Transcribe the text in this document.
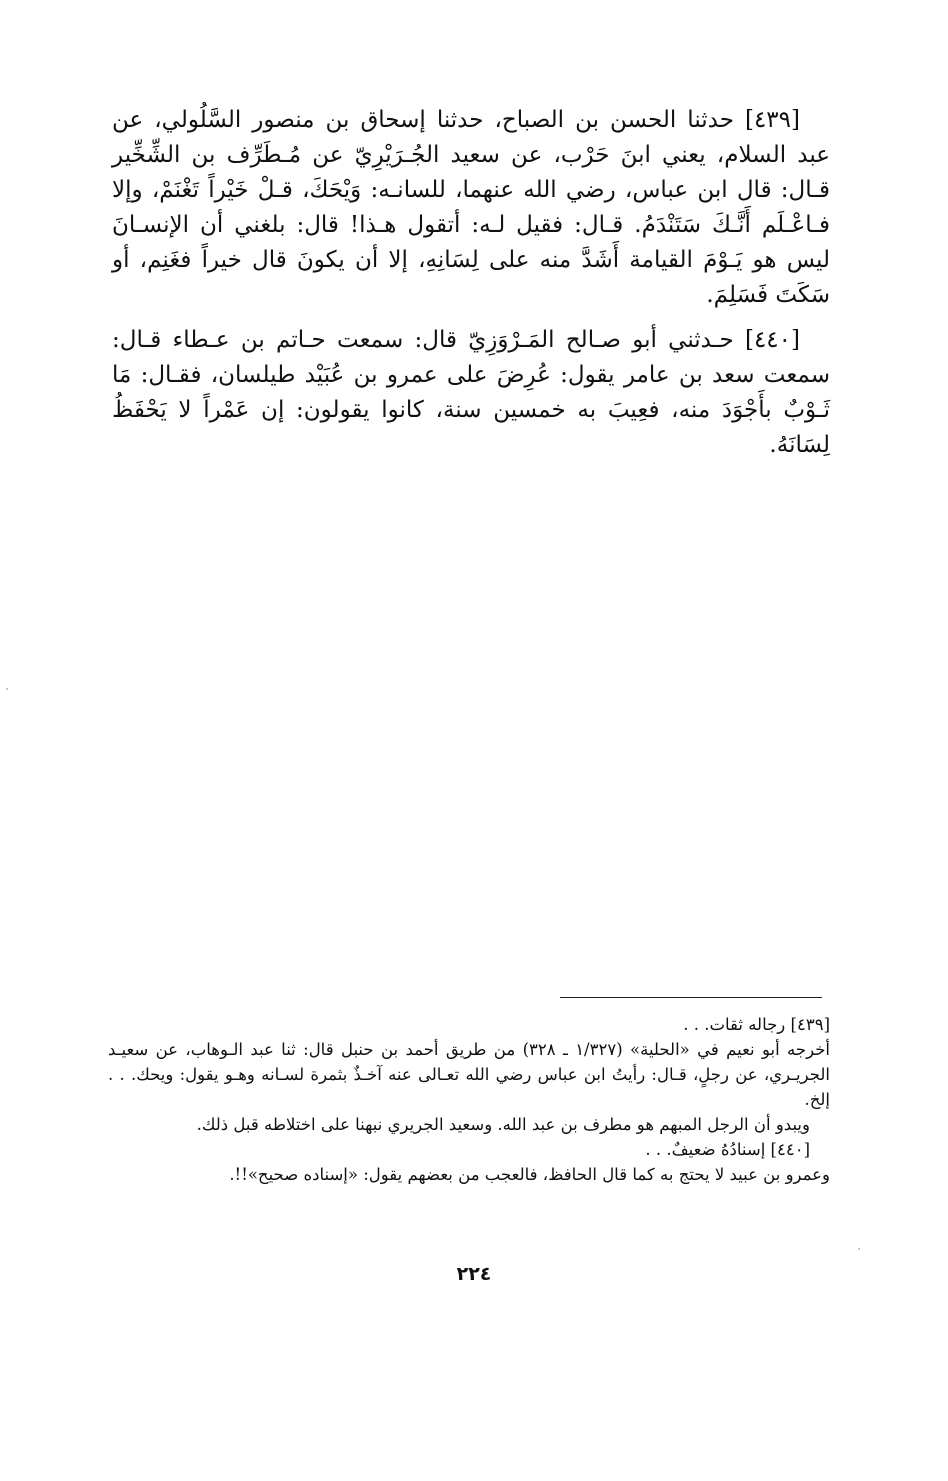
[٤٣٩] حدثنا الحسن بن الصباح، حدثنا إسحاق بن منصور السَّلُولي، عن عبد السلام، يعني ابنَ حَرْب، عن سعيد الجُـرَيْرِيّ عن مُـطَرِّف بن الشِّخِّير قـال: قال ابن عباس، رضي الله عنهما، للسانـه: وَيْحَكَ، قـلْ خَيْراً تَغْنَمْ، وإلا فـاعْـلَم أَنَّـكَ سَتَنْدَمُ. قـال: فقيل لـه: أتقول هـذا! قال: بلغني أن الإنسـانَ ليس هو يَـوْمَ القيامة أَشَدَّ منه على لِسَانِهِ، إلا أن يكونَ قال خيراً فغَنِم، أو سَكَتَ فَسَلِمَ.

[٤٤٠] حـدثني أبو صـالح المَـرْوَزِيّ قال: سمعت حـاتم بن عـطاء قـال: سمعت سعد بن عامر يقول: عُرِضَ على عمرو بن عُبَيْد طيلسان، فقـال: مَا ثَـوْبٌ بأَجْوَدَ منه، فعِيبَ به خمسين سنة، كانوا يقولون: إن عَمْراً لا يَحْفَظُ لِسَانَهُ.

[٤٣٩] رجاله ثقات. . .

أخرجه أبو نعيم في «الحلية» (١/٣٢٧ ـ ٣٢٨) من طريق أحمد بن حنبل قال: ثنا عبد الـوهاب، عن سعيـد الجريـري، عن رجلٍ، قـال: رأيتُ ابن عباس رضي الله تعـالى عنه آخـذٌ بثمرة لسـانه وهـو يقول: ويحك. . . إلخ.

ويبدو أن الرجل المبهم هو مطرف بن عبد الله. وسعيد الجريري نبهنا على اختلاطه قبل ذلك.

[٤٤٠] إسنادُهُ ضعيفٌ. . .

وعمرو بن عبيد لا يحتج به كما قال الحافظ، فالعجب من بعضهم يقول: «إسناده صحيح»!!.

٢٢٤
